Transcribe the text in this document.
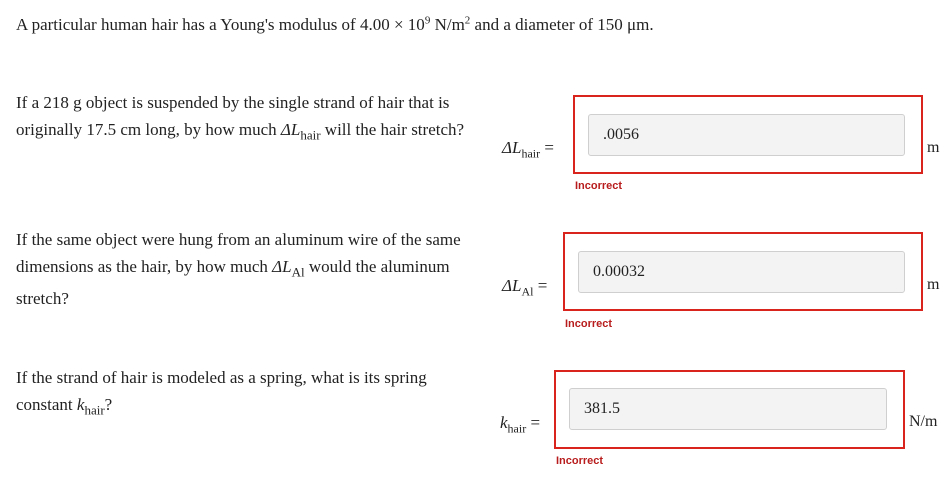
A particular human hair has a Young's modulus of $4.00 \times 10^9$ $N/m^2$ and a diameter of 150 μm.
If a 218 g object is suspended by the single strand of hair that is originally 17.5 cm long, by how much $\Delta L_{hair}$ will the hair stretch?
$\Delta L_{hair}$ =
.0056
Incorrect
m
If the same object were hung from an aluminum wire of the same dimensions as the hair, by how much $\Delta L_{Al}$ would the aluminum stretch?
$\Delta L_{Al}$ =
0.00032
Incorrect
m
If the strand of hair is modeled as a spring, what is its spring constant $k_{hair}$?
$k_{hair}$ =
381.5
Incorrect
N/m
